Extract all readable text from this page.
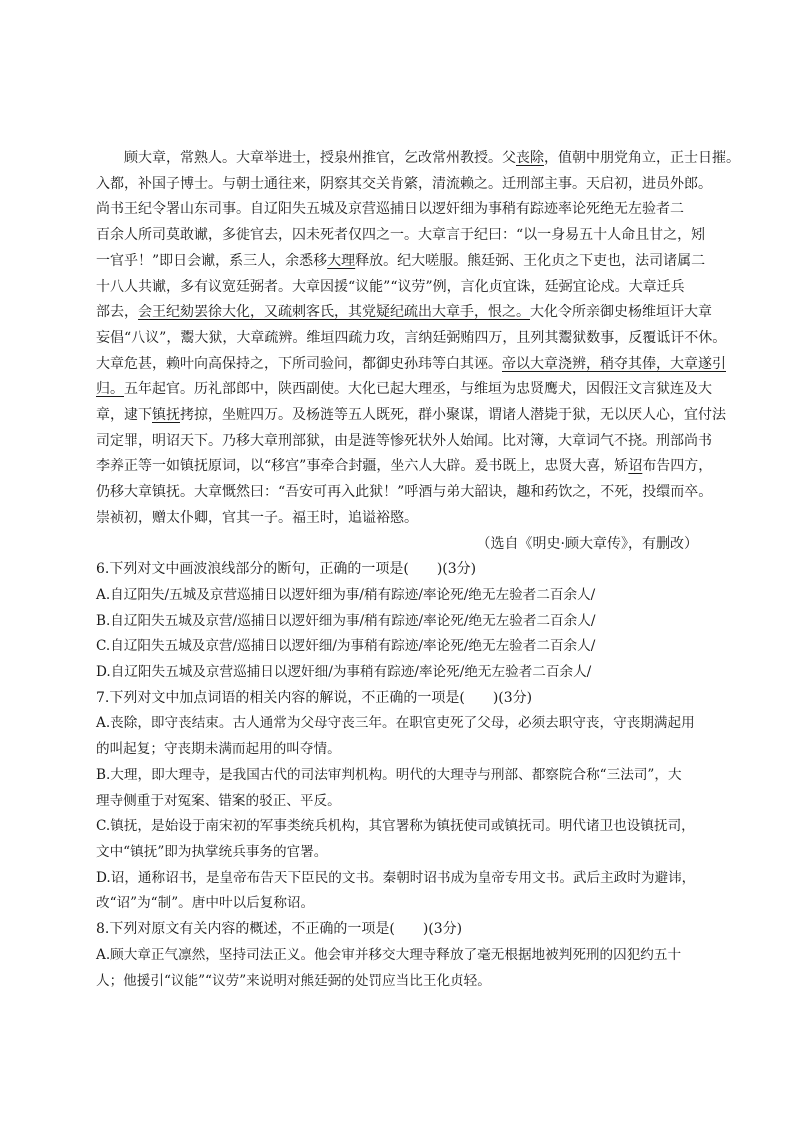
　　顾大章，常熟人。大章举进士，授泉州推官，乞改常州教授。父丧除，值朝中朋党角立，正士日摧。
入都，补国子博士。与朝士通往来，阴察其交关肯綮，清流赖之。迁刑部主事。天启初，进员外郎。
尚书王纪令署山东司事。自辽阳失五城及京营巡捕日以逻奸细为事稍有踪迹率论死绝无左验者二
百余人所司莫敢谳，多徙官去，囚未死者仅四之一。大章言于纪曰：“以一身易五十人命且甘之，矧
一官乎！”即日会谳，系三人，余悉移大理释放。纪大嗟服。熊廷弼、王化贞之下吏也，法司诸属二
十八人共谳，多有议宽廷弼者。大章因援“议能”“议劳”例，言化贞宜诛，廷弼宜论戍。大章迁兵
部去，会王纪劾罢徐大化，又疏刺客氏，其党疑纪疏出大章手，恨之。大化令所亲御史杨维垣讦大章
妄倡“八议”，鬻大狱，大章疏辨。维垣四疏力攻，言纳廷弼贿四万，且列其鬻狱数事，反覆诋讦不休。
大章危甚，赖叶向高保持之，下所司验问，都御史孙玮等白其诬。帝以大章浇辨，稍夺其俸，大章遂引
归。五年起官。历礼部郎中，陕西副使。大化已起大理丞，与维垣为忠贤鹰犬，因假汪文言狱连及大
章，逮下镇抚拷掠，坐赃四万。及杨涟等五人既死，群小聚谋，谓诸人潜毙于狱，无以厌人心，宜付法
司定罪，明诏天下。乃移大章刑部狱，由是涟等惨死状外人始闻。比对簿，大章词气不挠。刑部尚书
李养正等一如镇抚原词，以“移宫”事牵合封疆，坐六人大辟。爰书既上，忠贤大喜，矫诏布告四方，
仍移大章镇抚。大章慨然曰：“吾安可再入此狱！”呼酒与弟大韶诀，趣和药饮之，不死，投缳而卒。
崇祯初，赠太仆卿，官其一子。福王时，追谥裕愍。

（选自《明史·顾大章传》，有删改）

6.下列对文中画波浪线部分的断句，正确的一项是(　　)(3分)

A.自辽阳失/五城及京营巡捕日以逻奸细为事/稍有踪迹/率论死/绝无左验者二百余人/

B.自辽阳失五城及京营/巡捕日以逻奸细为事/稍有踪迹/率论死/绝无左验者二百余人/

C.自辽阳失五城及京营/巡捕日以逻奸细/为事稍有踪迹/率论死/绝无左验者二百余人/

D.自辽阳失五城及京营巡捕日以逻奸细/为事稍有踪迹/率论死/绝无左验者二百余人/

7.下列对文中加点词语的相关内容的解说，不正确的一项是(　　)(3分)

A.丧除，即守丧结束。古人通常为父母守丧三年。在职官吏死了父母，必须去职守丧，守丧期满起用

的叫起复；守丧期未满而起用的叫夺情。

B.大理，即大理寺，是我国古代的司法审判机构。明代的大理寺与刑部、都察院合称“三法司”，大

理寺侧重于对冤案、错案的驳正、平反。

C.镇抚，是始设于南宋初的军事类统兵机构，其官署称为镇抚使司或镇抚司。明代诸卫也设镇抚司，

文中“镇抚”即为执掌统兵事务的官署。

D.诏，通称诏书，是皇帝布告天下臣民的文书。秦朝时诏书成为皇帝专用文书。武后主政时为避讳，

改“诏”为“制”。唐中叶以后复称诏。

8.下列对原文有关内容的概述，不正确的一项是(　　)(3分)

A.顾大章正气凛然，坚持司法正义。他会审并移交大理寺释放了毫无根据地被判死刑的囚犯约五十

人；他援引“议能”“议劳”来说明对熊廷弼的处罚应当比王化贞轻。
